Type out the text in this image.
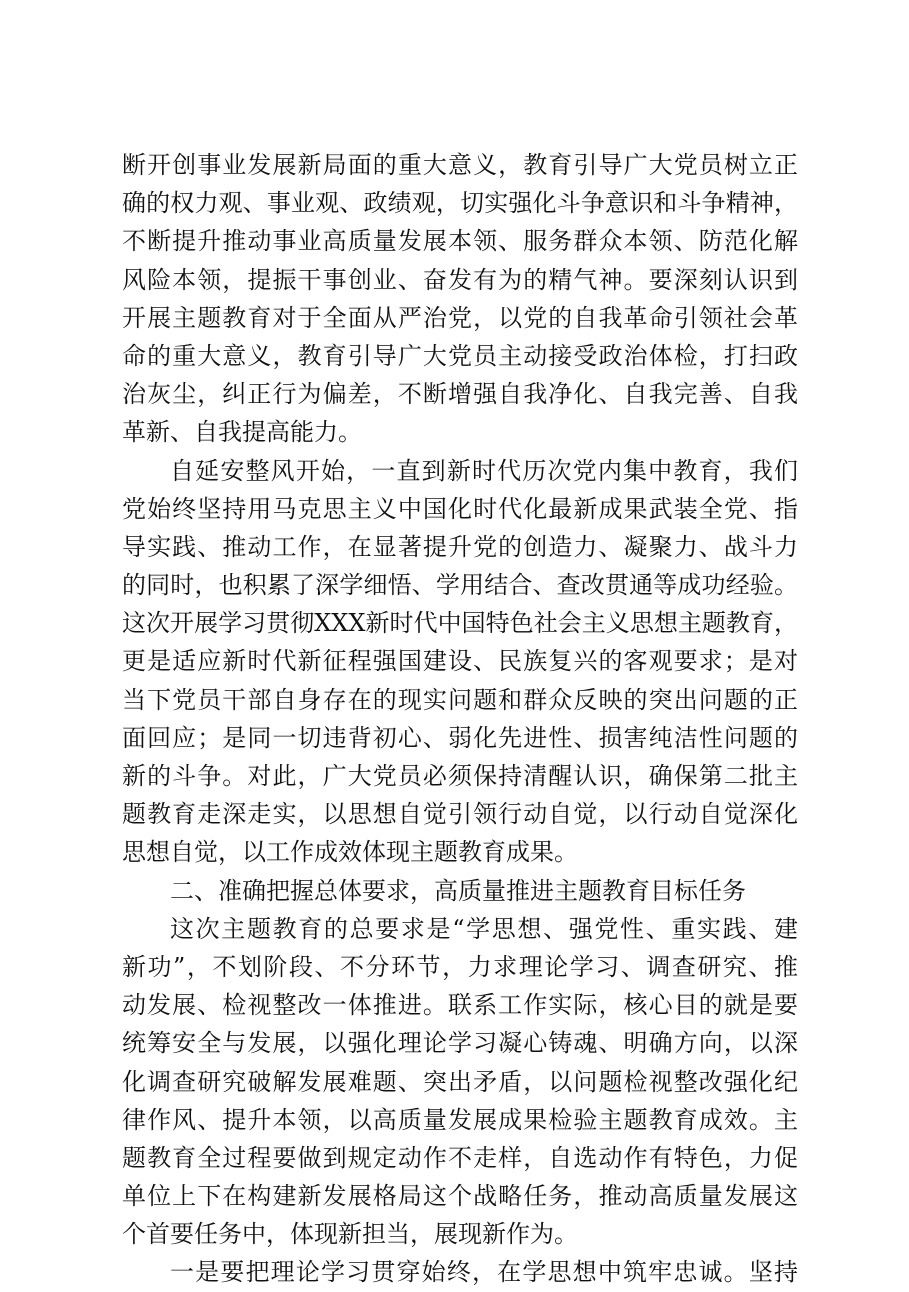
断开创事业发展新局面的重大意义，教育引导广大党员树立正
确的权力观、事业观、政绩观，切实强化斗争意识和斗争精神，
不断提升推动事业高质量发展本领、服务群众本领、防范化解
风险本领，提振干事创业、奋发有为的精气神。要深刻认识到
开展主题教育对于全面从严治党，以党的自我革命引领社会革
命的重大意义，教育引导广大党员主动接受政治体检，打扫政
治灰尘，纠正行为偏差，不断增强自我净化、自我完善、自我
革新、自我提高能力。
自延安整风开始，一直到新时代历次党内集中教育，我们
党始终坚持用马克思主义中国化时代化最新成果武装全党、指
导实践、推动工作，在显著提升党的创造力、凝聚力、战斗力
的同时，也积累了深学细悟、学用结合、查改贯通等成功经验。
这次开展学习贯彻XXX新时代中国特色社会主义思想主题教育，
更是适应新时代新征程强国建设、民族复兴的客观要求；是对
当下党员干部自身存在的现实问题和群众反映的突出问题的正
面回应；是同一切违背初心、弱化先进性、损害纯洁性问题的
新的斗争。对此，广大党员必须保持清醒认识，确保第二批主
题教育走深走实，以思想自觉引领行动自觉，以行动自觉深化
思想自觉，以工作成效体现主题教育成果。
二、准确把握总体要求，高质量推进主题教育目标任务
这次主题教育的总要求是“学思想、强党性、重实践、建
新功”，不划阶段、不分环节，力求理论学习、调查研究、推
动发展、检视整改一体推进。联系工作实际，核心目的就是要
统筹安全与发展，以强化理论学习凝心铸魂、明确方向，以深
化调查研究破解发展难题、突出矛盾，以问题检视整改强化纪
律作风、提升本领，以高质量发展成果检验主题教育成效。主
题教育全过程要做到规定动作不走样，自选动作有特色，力促
单位上下在构建新发展格局这个战略任务，推动高质量发展这
个首要任务中，体现新担当，展现新作为。
一是要把理论学习贯穿始终，在学思想中筑牢忠诚。坚持
